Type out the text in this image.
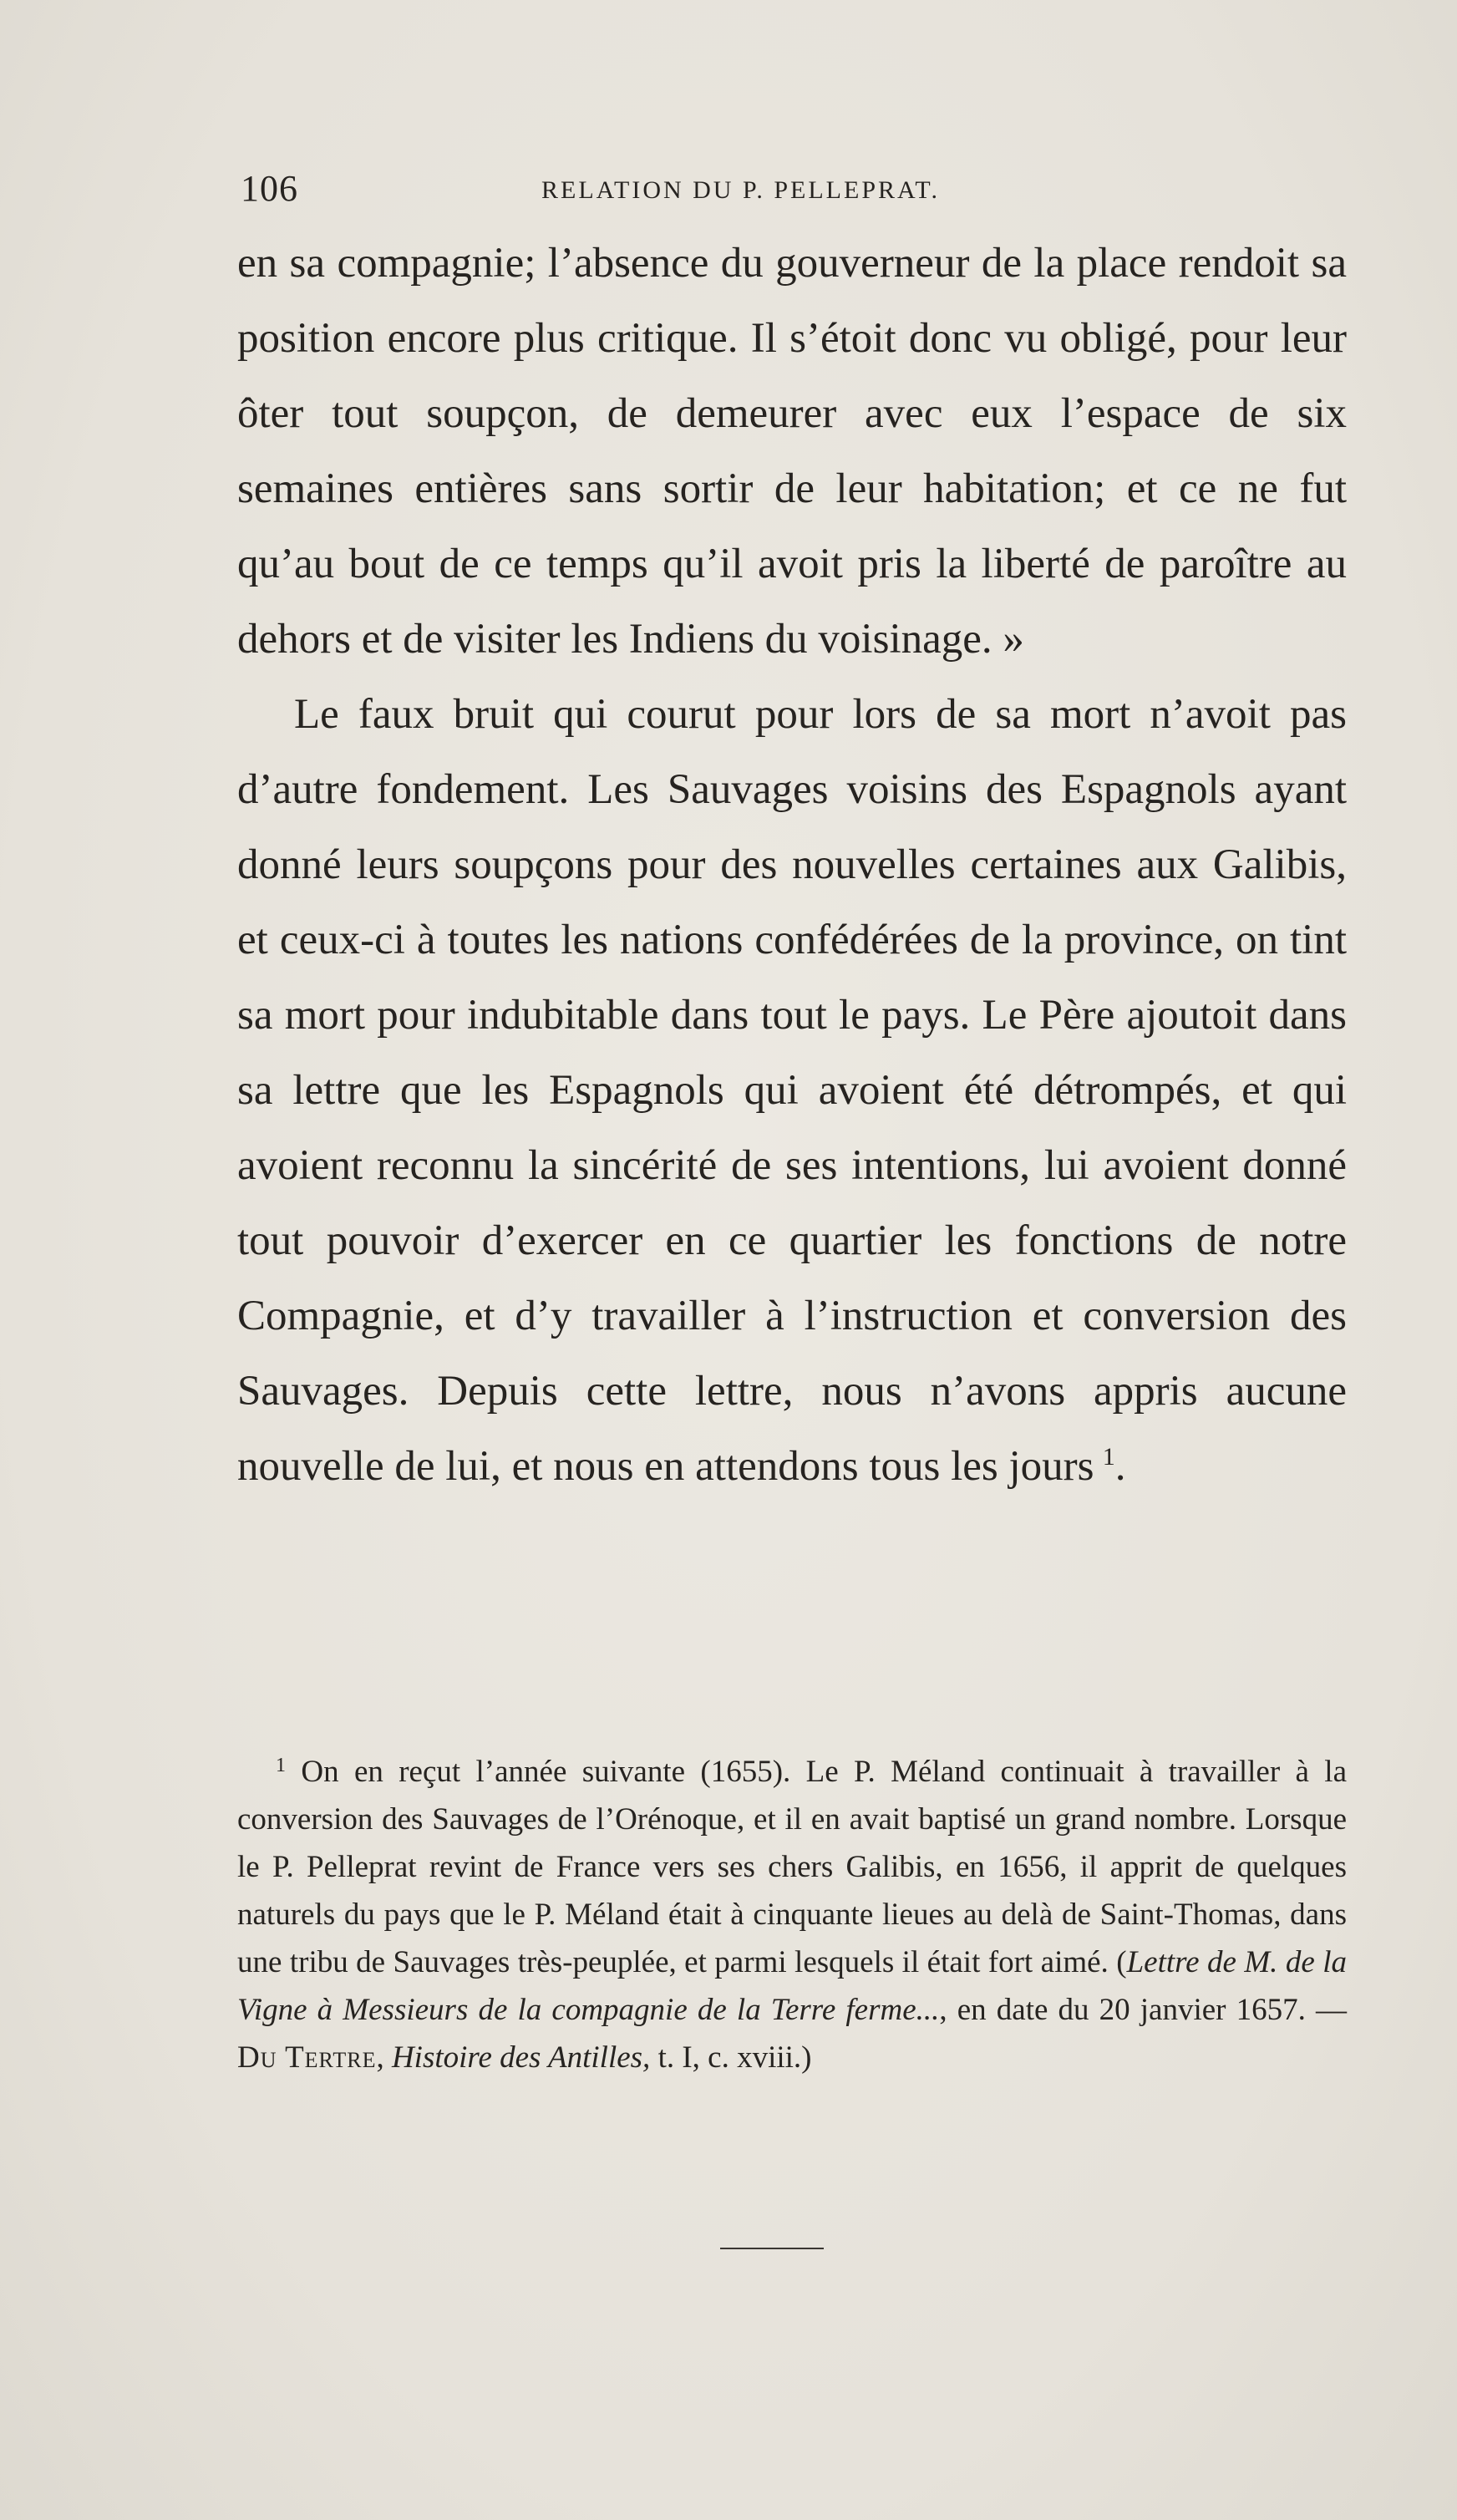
106	RELATION DU P. PELLEPRAT.

en sa compagnie; l’absence du gouverneur de la place rendoit sa position encore plus critique. Il s’étoit donc vu obligé, pour leur ôter tout soupçon, de demeurer avec eux l’espace de six semaines entières sans sortir de leur habitation; et ce ne fut qu’au bout de ce temps qu’il avoit pris la liberté de paroître au dehors et de visiter les Indiens du voisinage. »

Le faux bruit qui courut pour lors de sa mort n’avoit pas d’autre fondement. Les Sauvages voisins des Espagnols ayant donné leurs soupçons pour des nouvelles certaines aux Galibis, et ceux-ci à toutes les nations confédérées de la province, on tint sa mort pour indubitable dans tout le pays. Le Père ajoutoit dans sa lettre que les Espagnols qui avoient été détrompés, et qui avoient reconnu la sincérité de ses intentions, lui avoient donné tout pouvoir d’exercer en ce quartier les fonctions de notre Compagnie, et d’y travailler à l’instruction et conversion des Sauvages. Depuis cette lettre, nous n’avons appris aucune nouvelle de lui, et nous en attendons tous les jours  $^1$.

$^1$ On en reçut l’année suivante (1655). Le P. Méland continuait à travailler à la conversion des Sauvages de l’Orénoque, et il en avait baptisé un grand nombre. Lorsque le P. Pelleprat revint de France vers ses chers Galibis, en 1656, il apprit de quelques naturels du pays que le P. Méland était à cinquante lieues au delà de Saint-Thomas, dans une tribu de Sauvages très-peuplée, et parmi lesquels il était fort aimé. (Lettre de M. de la Vigne à Messieurs de la compagnie de la Terre ferme..., en date du 20 janvier 1657. — Du Tertre, Histoire des Antilles, t. I, c. xviii.)
